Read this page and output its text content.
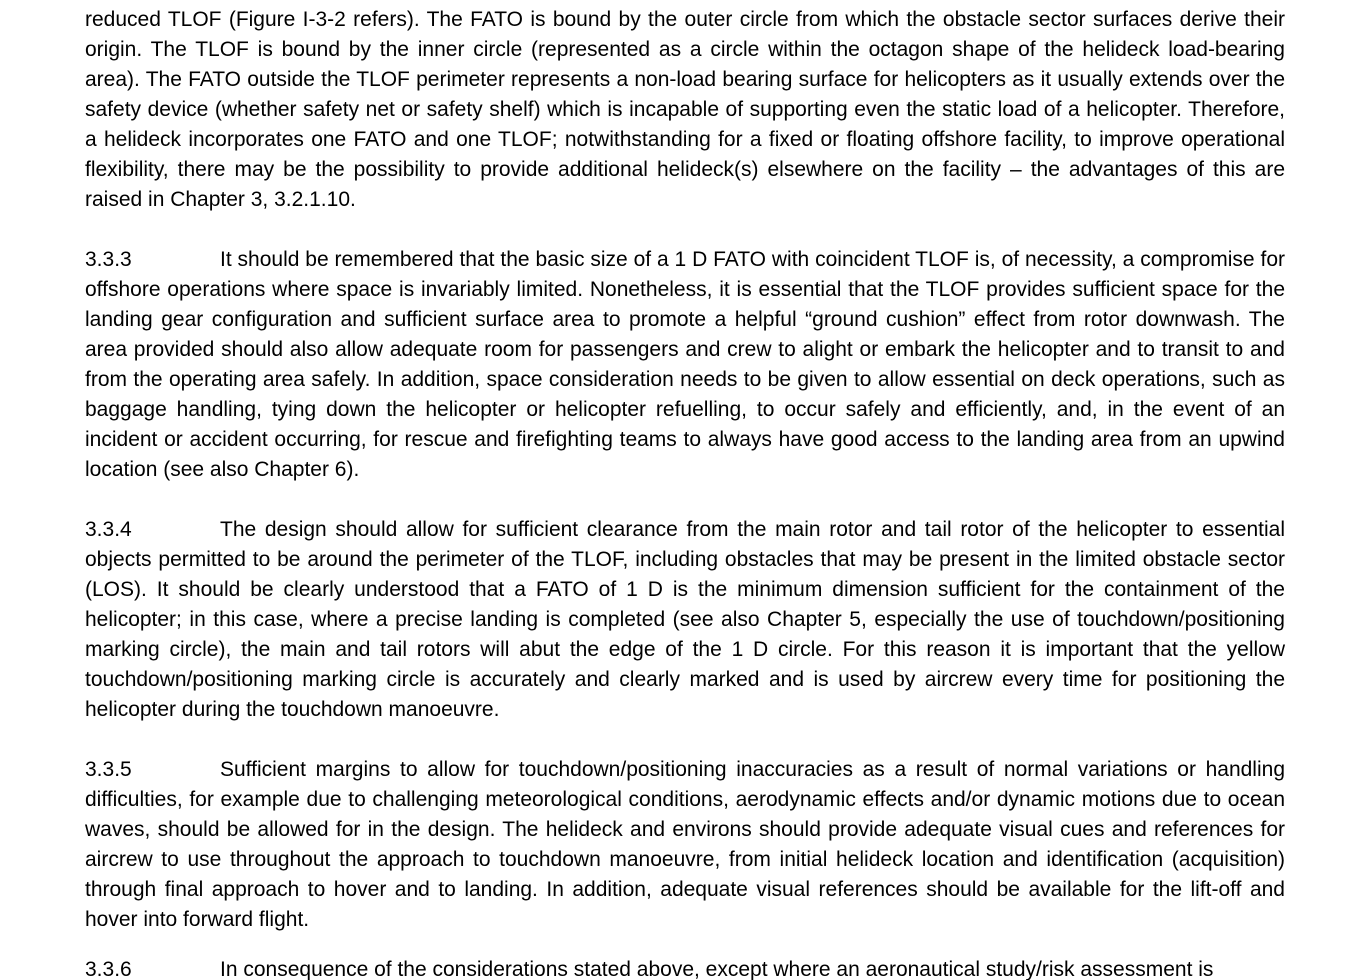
reduced TLOF (Figure I-3-2 refers). The FATO is bound by the outer circle from which the obstacle sector surfaces derive their origin. The TLOF is bound by the inner circle (represented as a circle within the octagon shape of the helideck load-bearing area). The FATO outside the TLOF perimeter represents a non-load bearing surface for helicopters as it usually extends over the safety device (whether safety net or safety shelf) which is incapable of supporting even the static load of a helicopter. Therefore, a helideck incorporates one FATO and one TLOF; notwithstanding for a fixed or floating offshore facility, to improve operational flexibility, there may be the possibility to provide additional helideck(s) elsewhere on the facility – the advantages of this are raised in Chapter 3, 3.2.1.10.

3.3.3	It should be remembered that the basic size of a 1 D FATO with coincident TLOF is, of necessity, a compromise for offshore operations where space is invariably limited. Nonetheless, it is essential that the TLOF provides sufficient space for the landing gear configuration and sufficient surface area to promote a helpful “ground cushion” effect from rotor downwash. The area provided should also allow adequate room for passengers and crew to alight or embark the helicopter and to transit to and from the operating area safely. In addition, space consideration needs to be given to allow essential on deck operations, such as baggage handling, tying down the helicopter or helicopter refuelling, to occur safely and efficiently, and, in the event of an incident or accident occurring, for rescue and firefighting teams to always have good access to the landing area from an upwind location (see also Chapter 6).

3.3.4	The design should allow for sufficient clearance from the main rotor and tail rotor of the helicopter to essential objects permitted to be around the perimeter of the TLOF, including obstacles that may be present in the limited obstacle sector (LOS). It should be clearly understood that a FATO of 1 D is the minimum dimension sufficient for the containment of the helicopter; in this case, where a precise landing is completed (see also Chapter 5, especially the use of touchdown/positioning marking circle), the main and tail rotors will abut the edge of the 1 D circle. For this reason it is important that the yellow touchdown/positioning marking circle is accurately and clearly marked and is used by aircrew every time for positioning the helicopter during the touchdown manoeuvre.

3.3.5	Sufficient margins to allow for touchdown/positioning inaccuracies as a result of normal variations or handling difficulties, for example due to challenging meteorological conditions, aerodynamic effects and/or dynamic motions due to ocean waves, should be allowed for in the design. The helideck and environs should provide adequate visual cues and references for aircrew to use throughout the approach to touchdown manoeuvre, from initial helideck location and identification (acquisition) through final approach to hover and to landing. In addition, adequate visual references should be available for the lift-off and hover into forward flight.

3.3.6	In consequence of the considerations stated above, except where an aeronautical study/risk assessment is
